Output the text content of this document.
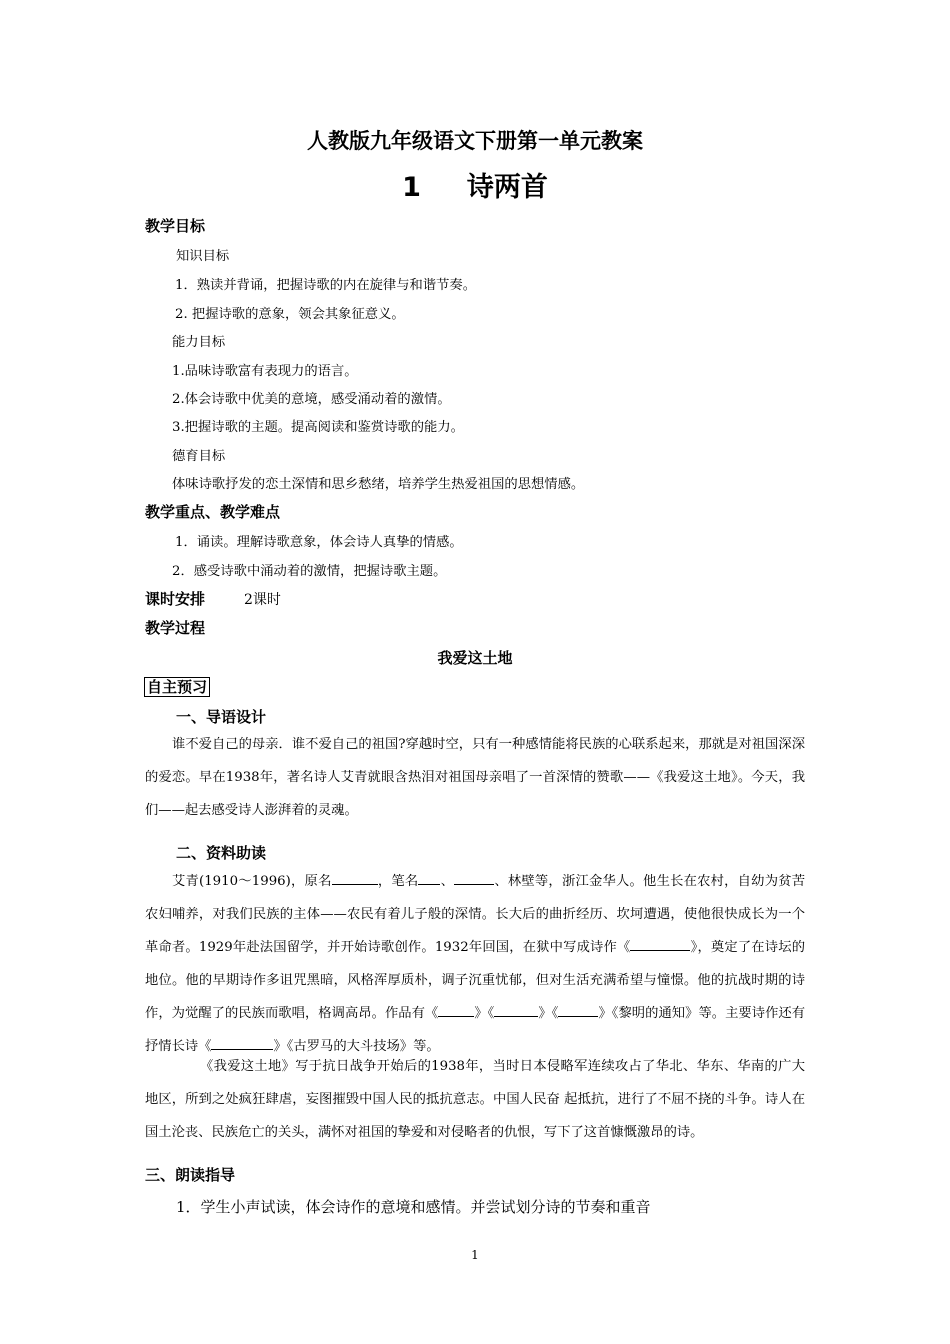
人教版九年级语文下册第一单元教案
1 诗两首
教学目标
知识目标
1．熟读并背诵，把握诗歌的内在旋律与和谐节奏。
2. 把握诗歌的意象，领会其象征意义。
能力目标
1.品味诗歌富有表现力的语言。
2.体会诗歌中优美的意境，感受涌动着的激情。
3.把握诗歌的主题。提高阅读和鉴赏诗歌的能力。
德育目标
体味诗歌抒发的恋土深情和思乡愁绪，培养学生热爱祖国的思想情感。
教学重点、教学难点
1．诵读。理解诗歌意象，体会诗人真挚的情感。
2．感受诗歌中涌动着的激情，把握诗歌主题。
课时安排	2课时
教学过程
我爱这土地
自主预习
一、导语设计
谁不爱自己的母亲．谁不爱自己的祖国?穿越时空，只有一种感情能将民族的心联系起来，那就是对祖国深深的爱恋。早在1938年，著名诗人艾青就眼含热泪对祖国母亲唱了一首深情的赞歌——《我爱这土地》。今天，我们——起去感受诗人澎湃着的灵魂。
二、资料助读
艾青(1910～1996)，原名	，笔名 、	、林壁等，浙江金华人。他生长在农村，自幼为贫苦农妇哺养，对我们民族的主体——农民有着儿子般的深情。长大后的曲折经历、坎坷遭遇，使他很快成长为一个革命者。1929年赴法国留学，并开始诗歌创作。1932年回国，在狱中写成诗作《	》，奠定了在诗坛的地位。他的早期诗作多诅咒黑暗，风格浑厚质朴，调子沉重忧郁，但对生活充满希望与憧憬。他的抗战时期的诗作，为觉醒了的民族而歌唱，格调高昂。作品有《	》《	》《	》《黎明的通知》等。主要诗作还有抒情长诗《	》《古罗马的大斗技场》等。
《我爱这土地》写于抗日战争开始后的1938年，当时日本侵略军连续攻占了华北、华东、华南的广大地区，所到之处疯狂肆虐，妄图摧毁中国人民的抵抗意志。中国人民奋 起抵抗，进行了不屈不挠的斗争。诗人在国土沦丧、民族危亡的关头，满怀对祖国的挚爱和对侵略者的仇恨，写下了这首慷慨激昂的诗。
三、朗读指导
1．学生小声试读，体会诗作的意境和感情。并尝试划分诗的节奏和重音
1
